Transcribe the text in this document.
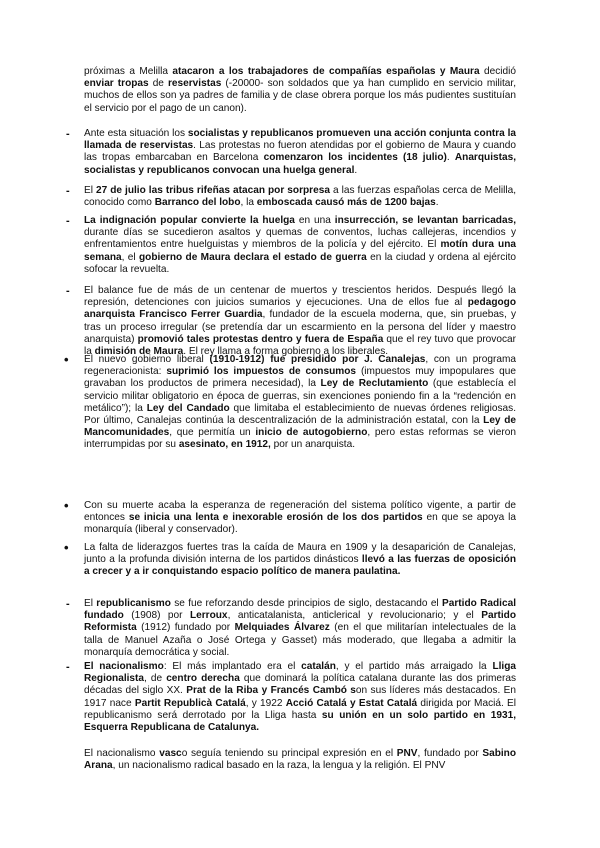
próximas a Melilla atacaron a los trabajadores de compañías españolas y Maura decidió enviar tropas de reservistas (-20000- son soldados que ya han cumplido en servicio militar, muchos de ellos son ya padres de familia y de clase obrera porque los más pudientes sustituían el servicio por el pago de un canon).

-	Ante esta situación los socialistas y republicanos promueven una acción conjunta contra la llamada de reservistas. Las protestas no fueron atendidas por el gobierno de Maura y cuando las tropas embarcaban en Barcelona comenzaron los incidentes (18 julio). Anarquistas, socialistas y republicanos convocan una huelga general.

-	El 27 de julio las tribus rifeñas atacan por sorpresa a las fuerzas españolas cerca de Melilla, conocido como Barranco del lobo, la emboscada causó más de 1200 bajas.

-	La indignación popular convierte la huelga en una insurrección, se levantan barricadas, durante días se sucedieron asaltos y quemas de conventos, luchas callejeras, incendios y enfrentamientos entre huelguistas y miembros de la policía y del ejército. El motín dura una semana, el gobierno de Maura declara el estado de guerra en la ciudad y ordena al ejército sofocar la revuelta.

-	El balance fue de más de un centenar de muertos y trescientos heridos. Después llegó la represión, detenciones con juicios sumarios y ejecuciones. Una de ellos fue al pedagogo anarquista Francisco Ferrer Guardia, fundador de la escuela moderna, que, sin pruebas, y tras un proceso irregular (se pretendía dar un escarmiento en la persona del líder y maestro anarquista) promovió tales protestas dentro y fuera de España que el rey tuvo que provocar la dimisión de Maura. El rey llama a forma gobierno a los liberales.

•	El nuevo gobierno liberal (1910-1912) fue presidido por J. Canalejas, con un programa regeneracionista: suprimió los impuestos de consumos (impuestos muy impopulares que gravaban los productos de primera necesidad), la Ley de Reclutamiento (que establecía el servicio militar obligatorio en época de guerras, sin exenciones poniendo fin a la “redención en metálico”); la Ley del Candado que limitaba el establecimiento de nuevas órdenes religiosas. Por último, Canalejas continúa la descentralización de la administración estatal, con la Ley de Mancomunidades, que permitía un inicio de autogobierno, pero estas reformas se vieron interrumpidas por su asesinato, en 1912, por un anarquista.

•	Con su muerte acaba la esperanza de regeneración del sistema político vigente, a partir de entonces se inicia una lenta e inexorable erosión de los dos partidos en que se apoya la monarquía (liberal y conservador).

•	La falta de liderazgos fuertes tras la caída de Maura en 1909 y la desaparición de Canalejas, junto a la profunda división interna de los partidos dinásticos llevó a las fuerzas de oposición a crecer y a ir conquistando espacio político de manera paulatina.

-	El republicanismo se fue reforzando desde principios de siglo, destacando el Partido Radical fundado (1908) por Lerroux, anticatalanista, anticlerical y revolucionario; y el Partido Reformista (1912) fundado por Melquiades Álvarez (en el que militarían intelectuales de la talla de Manuel Azaña o José Ortega y Gasset) más moderado, que llegaba a admitir la monarquía democrática y social.

-	El nacionalismo: El más implantado era el catalán, y el partido más arraigado la Lliga Regionalista, de centro derecha que dominará la política catalana durante las dos primeras décadas del siglo XX. Prat de la Riba y Francés Cambó son sus líderes más destacados. En 1917 nace Partit Republicà Catalá, y 1922 Acció Catalá y Estat Catalá dirigida por Maciá. El republicanismo será derrotado por la Lliga hasta su unión en un solo partido en 1931, Esquerra Republicana de Catalunya.

El nacionalismo vasco seguía teniendo su principal expresión en el PNV, fundado por Sabino Arana, un nacionalismo radical basado en la raza, la lengua y la religión. El PNV
